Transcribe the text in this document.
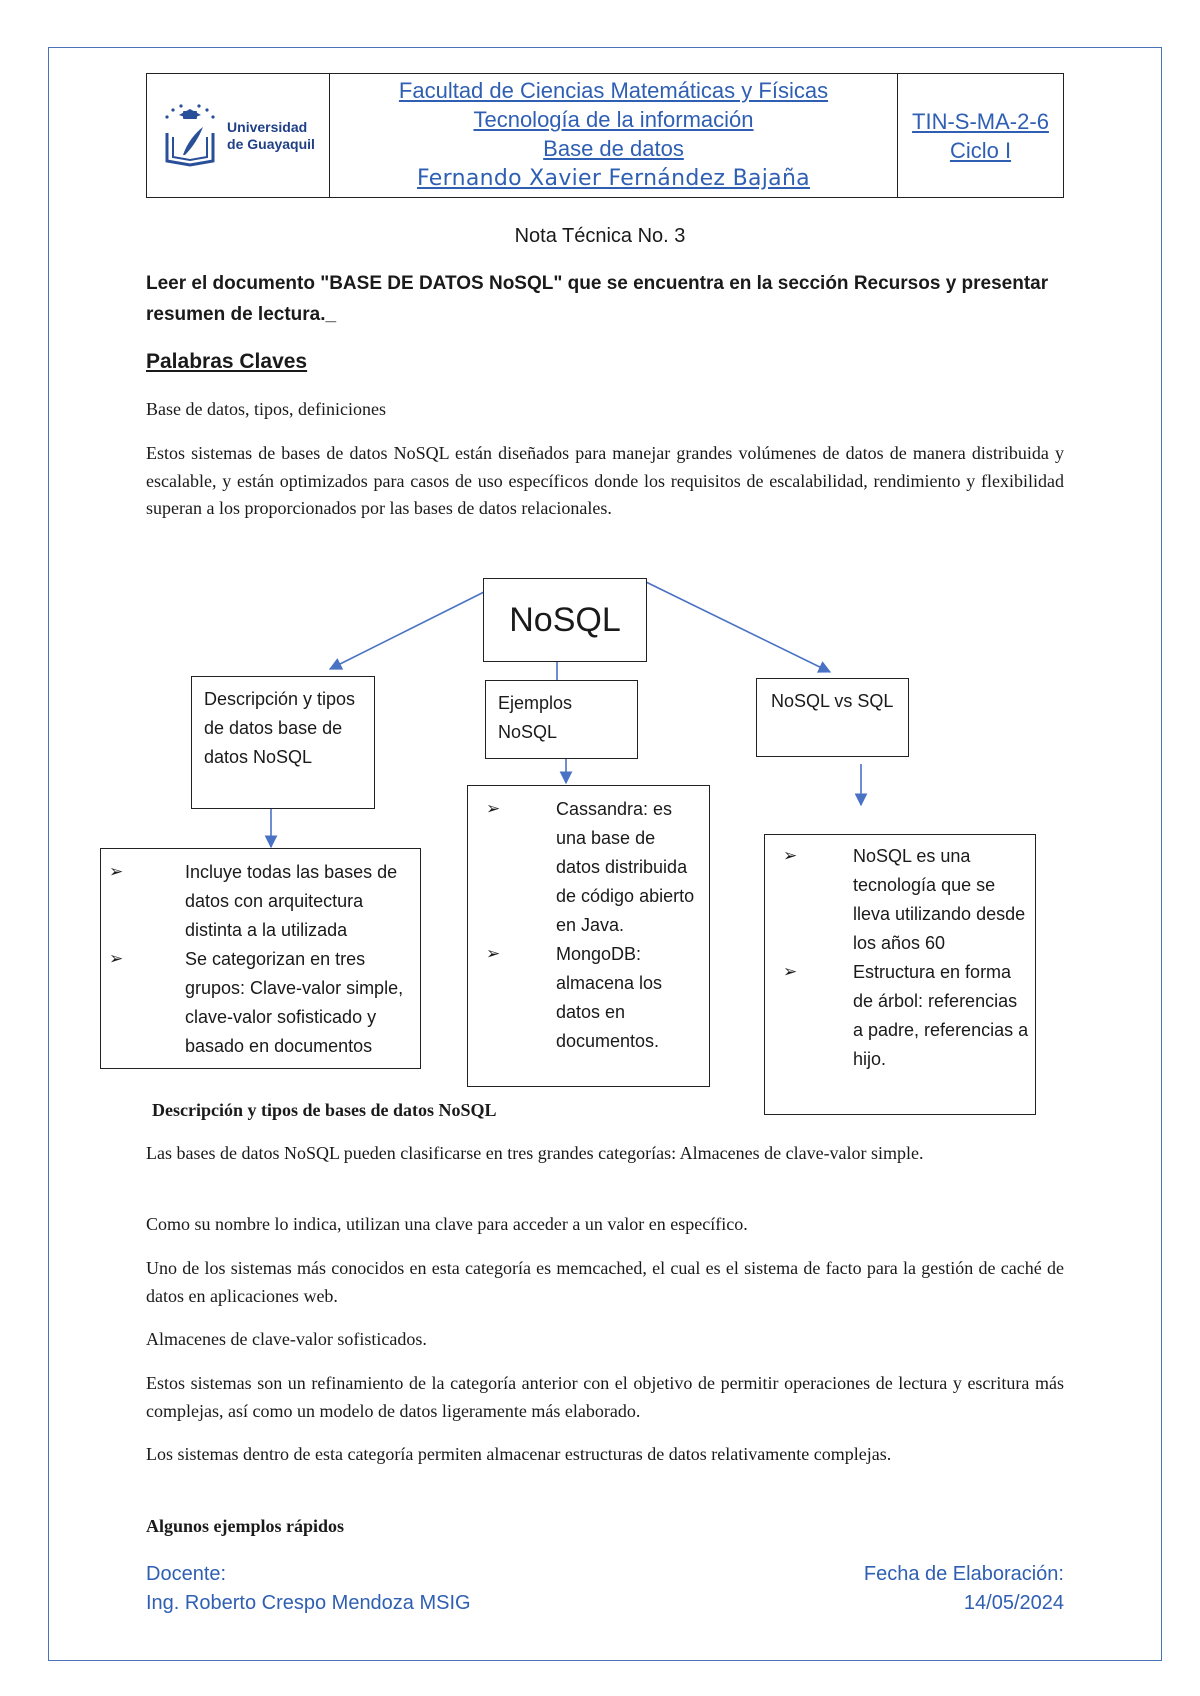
Universidad
de Guayaquil
Facultad de Ciencias Matemáticas y Físicas
Tecnología de la información
Base de datos
Fernando Xavier Fernández Bajaña
TIN-S-MA-2-6
Ciclo I
Nota Técnica No. 3
Leer el documento "BASE DE DATOS NoSQL" que se encuentra en la sección Recursos y presentar resumen de lectura._
Palabras Claves
Base de datos, tipos, definiciones
Estos sistemas de bases de datos NoSQL están diseñados para manejar grandes volúmenes de datos de manera distribuida y escalable, y están optimizados para casos de uso específicos donde los requisitos de escalabilidad, rendimiento y flexibilidad superan a los proporcionados por las bases de datos relacionales.
NoSQL
Descripción y tipos de datos base de datos NoSQL
Ejemplos NoSQL
NoSQL vs SQL
➢ Incluye todas las bases de datos con arquitectura distinta a la utilizada
➢ Se categorizan en tres grupos: Clave-valor simple, clave-valor sofisticado y basado en documentos
➢ Cassandra: es una base de datos distribuida de código abierto en Java.
➢ MongoDB: almacena los datos en documentos.
➢ NoSQL es una tecnología que se lleva utilizando desde los años 60
➢ Estructura en forma de árbol: referencias a padre, referencias a hijo.
Descripción y tipos de bases de datos NoSQL
Las bases de datos NoSQL pueden clasificarse en tres grandes categorías: Almacenes de clave-valor simple.
Como su nombre lo indica, utilizan una clave para acceder a un valor en específico.
Uno de los sistemas más conocidos en esta categoría es memcached, el cual es el sistema de facto para la gestión de caché de datos en aplicaciones web.
Almacenes de clave-valor sofisticados.
Estos sistemas son un refinamiento de la categoría anterior con el objetivo de permitir operaciones de lectura y escritura más complejas, así como un modelo de datos ligeramente más elaborado.
Los sistemas dentro de esta categoría permiten almacenar estructuras de datos relativamente complejas.
Algunos ejemplos rápidos
Docente:
Ing. Roberto Crespo Mendoza MSIG
Fecha de Elaboración:
14/05/2024
